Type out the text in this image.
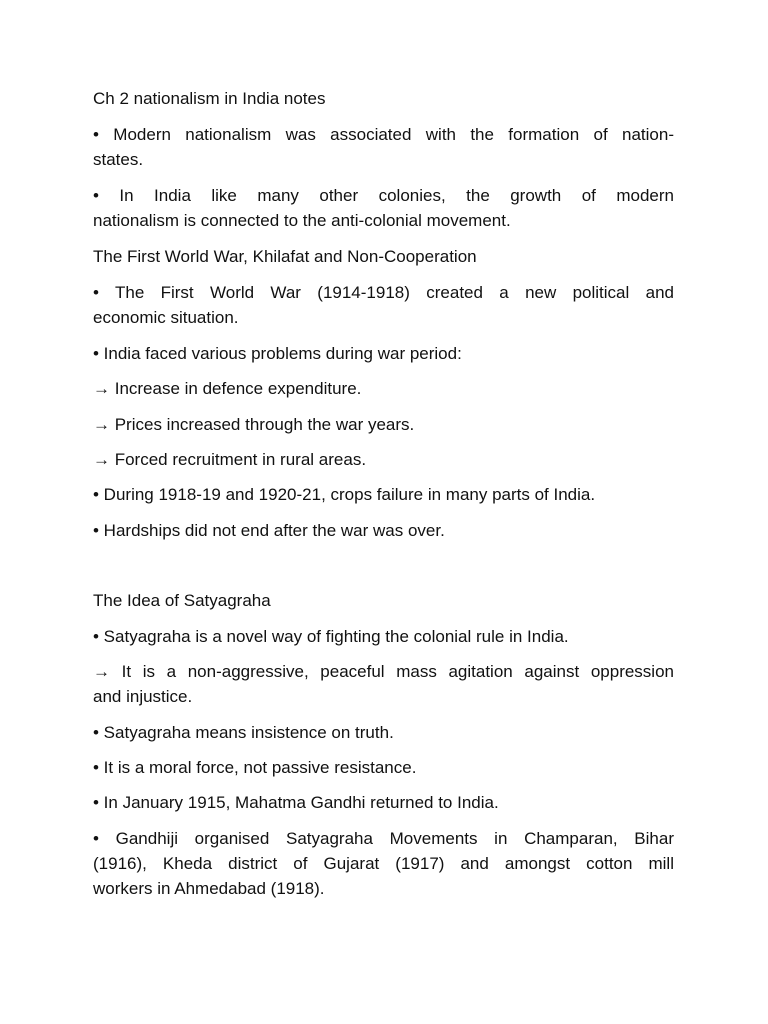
Ch 2 nationalism in India notes
• Modern nationalism was associated with the formation of nation-
states.
• In India like many other colonies, the growth of modern
nationalism is connected to the anti-colonial movement.
The First World War, Khilafat and Non-Cooperation
• The First World War (1914-1918) created a new political and
economic situation.
• India faced various problems during war period:
→ Increase in defence expenditure.
→ Prices increased through the war years.
→ Forced recruitment in rural areas.
• During 1918-19 and 1920-21, crops failure in many parts of India.
• Hardships did not end after the war was over.
The Idea of Satyagraha
• Satyagraha is a novel way of fighting the colonial rule in India.
→ It is a non-aggressive, peaceful mass agitation against oppression
and injustice.
• Satyagraha means insistence on truth.
• It is a moral force, not passive resistance.
• In January 1915, Mahatma Gandhi returned to India.
• Gandhiji organised Satyagraha Movements in Champaran, Bihar
(1916), Kheda district of Gujarat (1917) and amongst cotton mill
workers in Ahmedabad (1918).
